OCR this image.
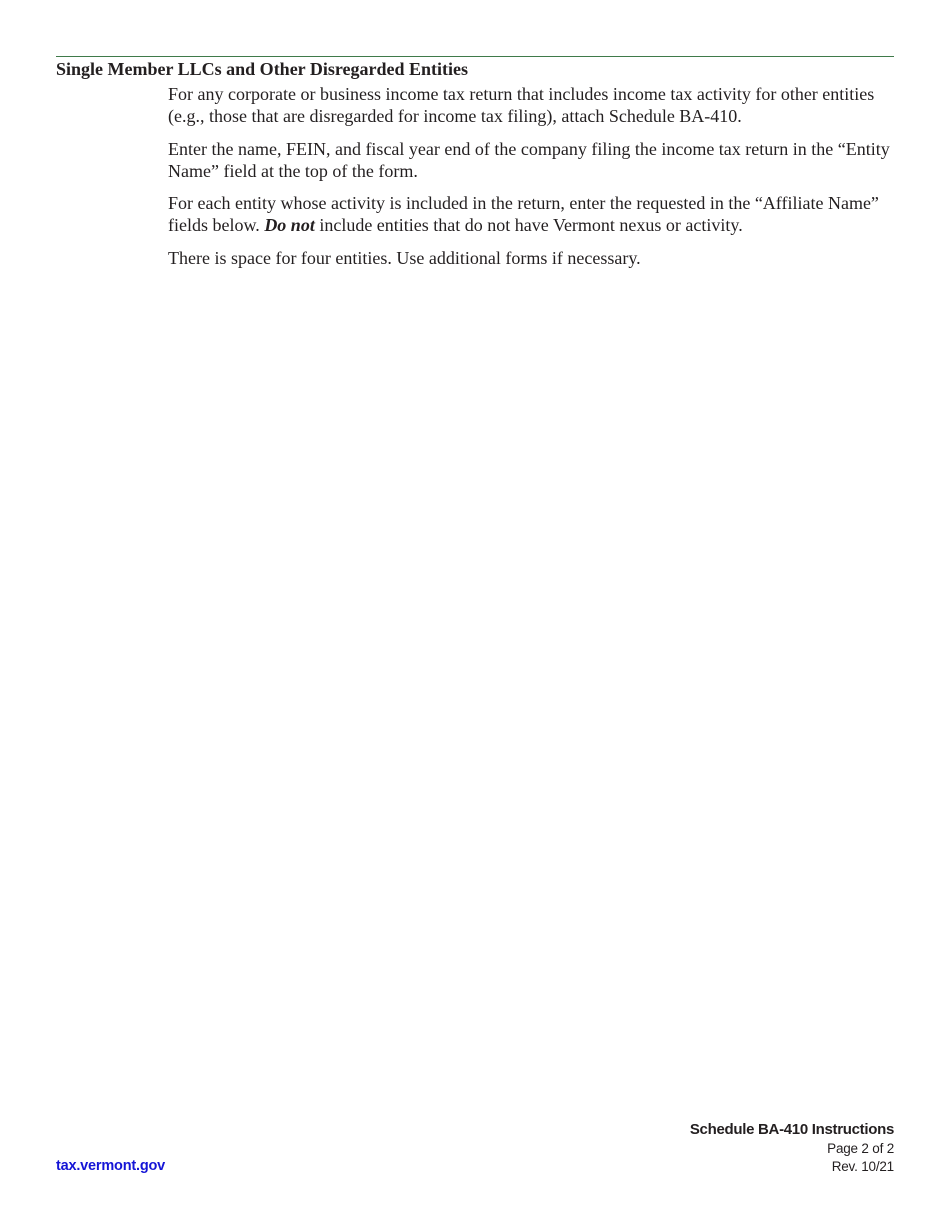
Single Member LLCs and Other Disregarded Entities

For any corporate or business income tax return that includes income tax activity for other entities (e.g., those that are disregarded for income tax filing), attach Schedule BA-410.

Enter the name, FEIN, and fiscal year end of the company filing the income tax return in the “Entity Name” field at the top of the form.

For each entity whose activity is included in the return, enter the requested in the “Affiliate Name” fields below. Do not include entities that do not have Vermont nexus or activity.

There is space for four entities. Use additional forms if necessary.

tax.vermont.gov
Schedule BA-410 Instructions
Page 2 of 2
Rev. 10/21
